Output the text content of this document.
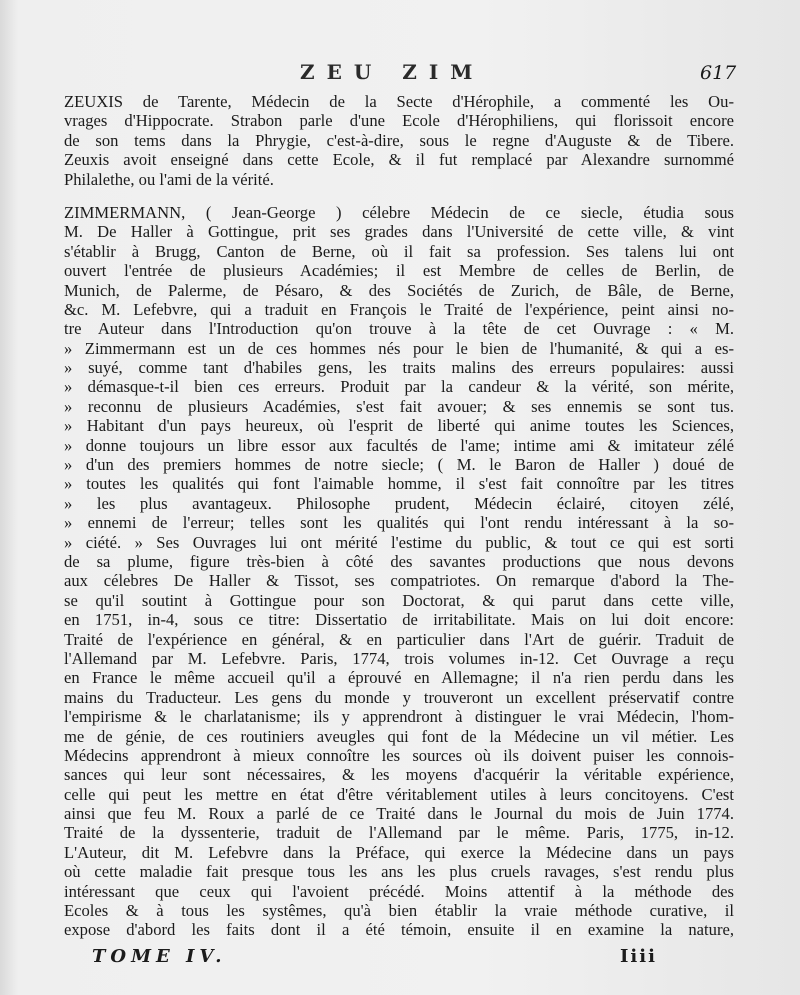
ZEU ZIM	617
ZEUXIS de Tarente, Médecin de la Secte d'Hérophile, a commenté les Ou-
vrages d'Hippocrate. Strabon parle d'une Ecole d'Hérophiliens, qui florissoit encore
de son tems dans la Phrygie, c'est-à-dire, sous le regne d'Auguste & de Tibere.
Zeuxis avoit enseigné dans cette Ecole, & il fut remplacé par Alexandre surnommé
Philalethe, ou l'ami de la vérité.
ZIMMERMANN, ( Jean-George ) célebre Médecin de ce siecle, étudia sous
M. De Haller à Gottingue, prit ses grades dans l'Université de cette ville, & vint
s'établir à Brugg, Canton de Berne, où il fait sa profession. Ses talens lui ont
ouvert l'entrée de plusieurs Académies; il est Membre de celles de Berlin, de
Munich, de Palerme, de Pésaro, & des Sociétés de Zurich, de Bâle, de Berne,
&c. M. Lefebvre, qui a traduit en François le Traité de l'expérience, peint ainsi no-
tre Auteur dans l'Introduction qu'on trouve à la tête de cet Ouvrage : « M.
» Zimmermann est un de ces hommes nés pour le bien de l'humanité, & qui a es-
» suyé, comme tant d'habiles gens, les traits malins des erreurs populaires: aussi
» démasque-t-il bien ces erreurs. Produit par la candeur & la vérité, son mérite,
» reconnu de plusieurs Académies, s'est fait avouer; & ses ennemis se sont tus.
» Habitant d'un pays heureux, où l'esprit de liberté qui anime toutes les Sciences,
» donne toujours un libre essor aux facultés de l'ame; intime ami & imitateur zélé
» d'un des premiers hommes de notre siecle; ( M. le Baron de Haller ) doué de
» toutes les qualités qui font l'aimable homme, il s'est fait connoître par les titres
» les plus avantageux. Philosophe prudent, Médecin éclairé, citoyen zélé,
» ennemi de l'erreur; telles sont les qualités qui l'ont rendu intéressant à la so-
» ciété. » Ses Ouvrages lui ont mérité l'estime du public, & tout ce qui est sorti
de sa plume, figure très-bien à côté des savantes productions que nous devons
aux célebres De Haller & Tissot, ses compatriotes. On remarque d'abord la The-
se qu'il soutint à Gottingue pour son Doctorat, & qui parut dans cette ville,
en 1751, in-4, sous ce titre: Dissertatio de irritabilitate. Mais on lui doit encore:
Traité de l'expérience en général, & en particulier dans l'Art de guérir. Traduit de
l'Allemand par M. Lefebvre. Paris, 1774, trois volumes in-12. Cet Ouvrage a reçu
en France le même accueil qu'il a éprouvé en Allemagne; il n'a rien perdu dans les
mains du Traducteur. Les gens du monde y trouveront un excellent préservatif contre
l'empirisme & le charlatanisme; ils y apprendront à distinguer le vrai Médecin, l'hom-
me de génie, de ces routiniers aveugles qui font de la Médecine un vil métier. Les
Médecins apprendront à mieux connoître les sources où ils doivent puiser les connois-
sances qui leur sont nécessaires, & les moyens d'acquérir la véritable expérience,
celle qui peut les mettre en état d'être véritablement utiles à leurs concitoyens. C'est
ainsi que feu M. Roux a parlé de ce Traité dans le Journal du mois de Juin 1774.
Traité de la dyssenterie, traduit de l'Allemand par le même. Paris, 1775, in-12.
L'Auteur, dit M. Lefebvre dans la Préface, qui exerce la Médecine dans un pays
où cette maladie fait presque tous les ans les plus cruels ravages, s'est rendu plus
intéressant que ceux qui l'avoient précédé. Moins attentif à la méthode des
Ecoles & à tous les systêmes, qu'à bien établir la vraie méthode curative, il
expose d'abord les faits dont il a été témoin, ensuite il en examine la nature,
TOME IV.	Iiii
